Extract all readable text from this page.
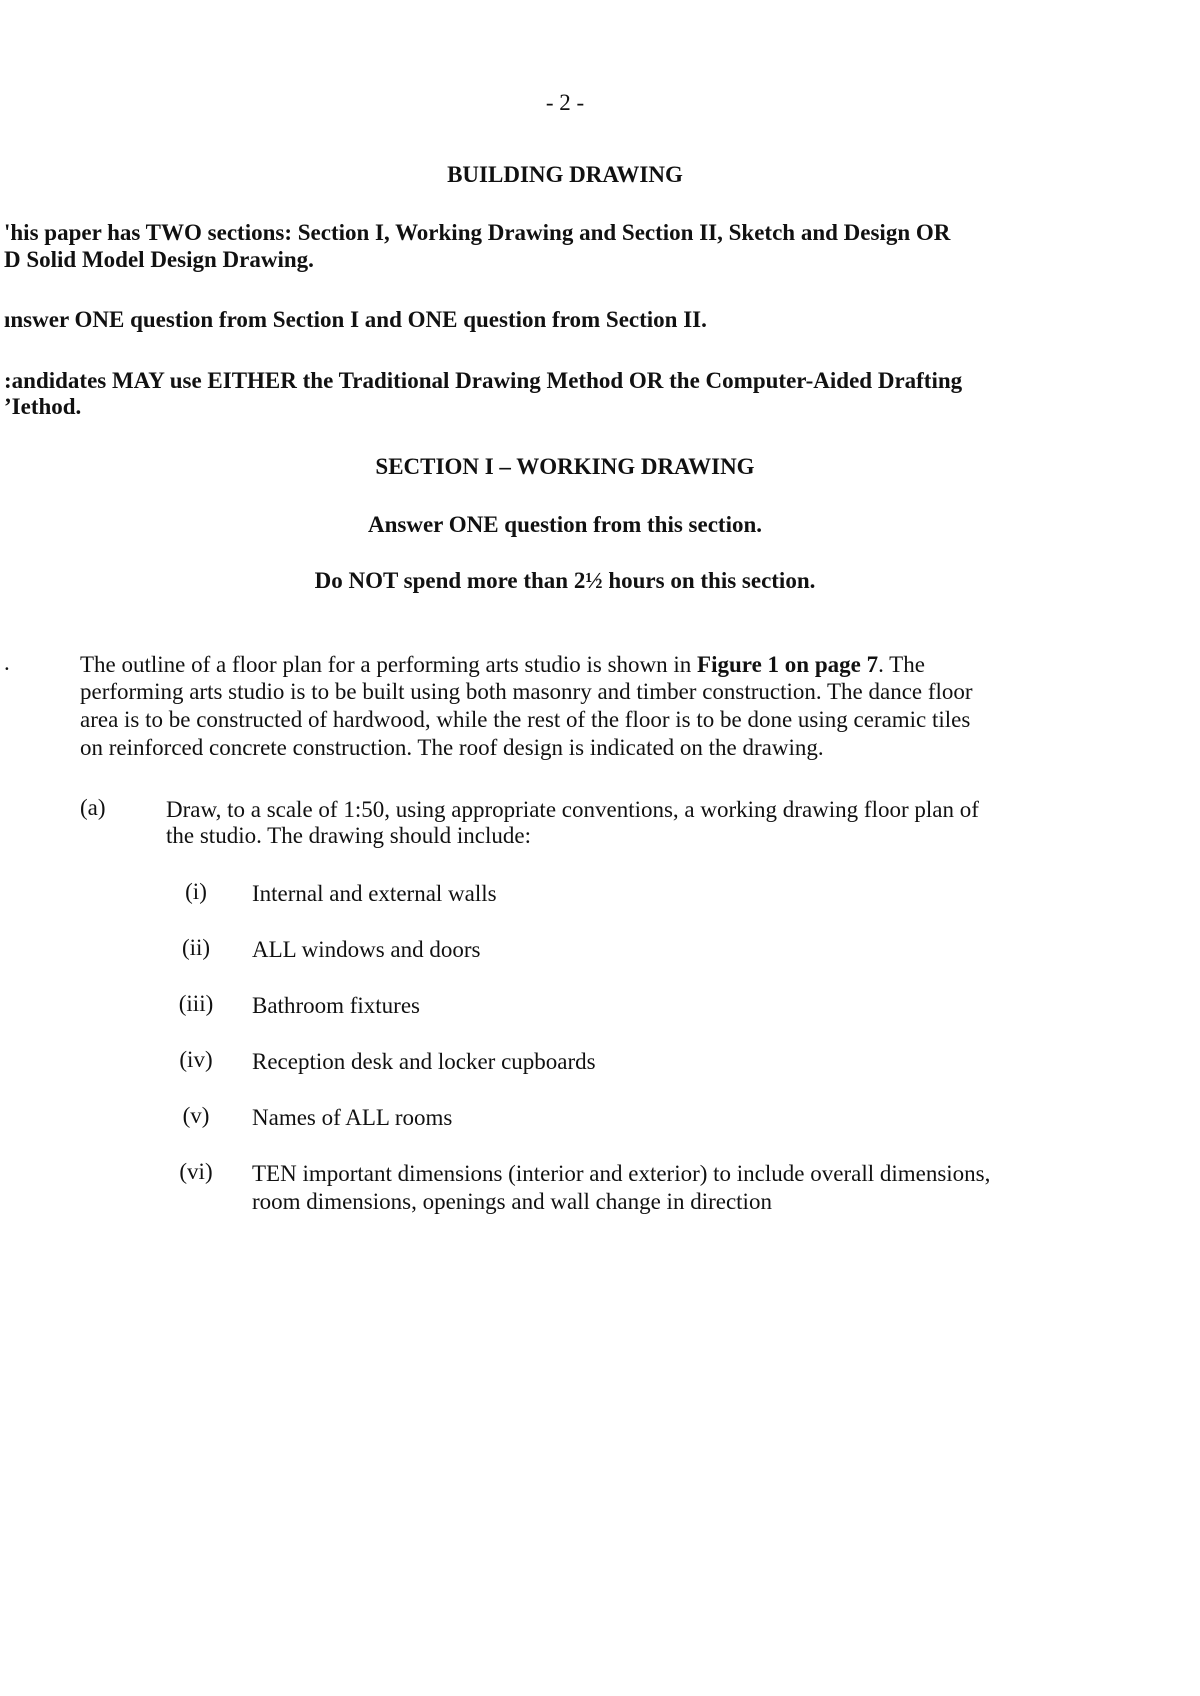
- 2 -

BUILDING DRAWING

'his paper has TWO sections: Section I, Working Drawing and Section II, Sketch and Design OR

D Solid Model Design Drawing.

ınswer ONE question from Section I and ONE question from Section II.

:andidates MAY use EITHER the Traditional Drawing Method OR the Computer-Aided Drafting

’Iethod.

SECTION I – WORKING DRAWING

Answer ONE question from this section.

Do NOT spend more than 2½ hours on this section.

.	The outline of a floor plan for a performing arts studio is shown in Figure 1 on page 7. The

performing arts studio is to be built using both masonry and timber construction. The dance floor

area is to be constructed of hardwood, while the rest of the floor is to be done using ceramic tiles

on reinforced concrete construction. The roof design is indicated on the drawing.

(a)	Draw, to a scale of 1:50, using appropriate conventions, a working drawing floor plan of

the studio. The drawing should include:

(i)	Internal and external walls

(ii)	ALL windows and doors

(iii)	Bathroom fixtures

(iv)	Reception desk and locker cupboards

(v)	Names of ALL rooms

(vi)	TEN important dimensions (interior and exterior) to include overall dimensions,

room dimensions, openings and wall change in direction
